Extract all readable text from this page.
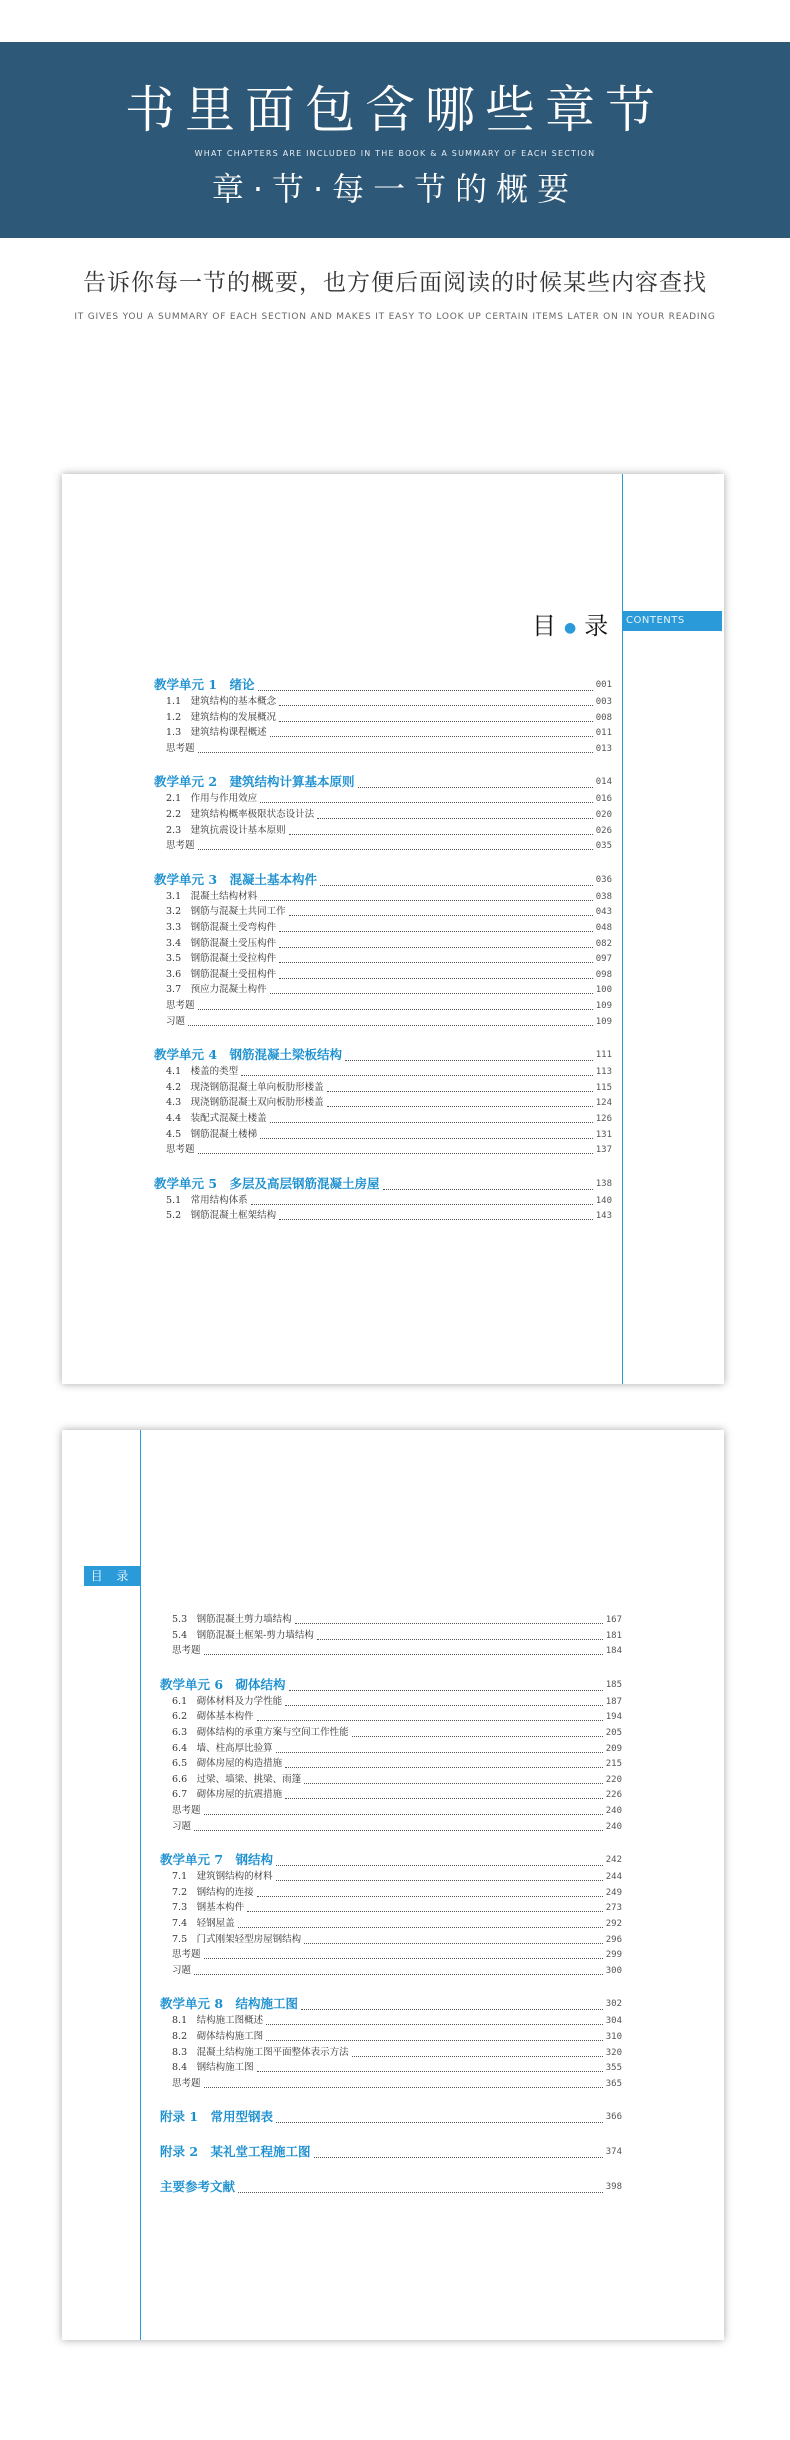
书里面包含哪些章节
WHAT CHAPTERS ARE INCLUDED IN THE BOOK & A SUMMARY OF EACH SECTION
章·节·每一节的概要
告诉你每一节的概要，也方便后面阅读的时候某些内容查找
IT GIVES YOU A SUMMARY OF EACH SECTION AND MAKES IT EASY TO LOOK UP CERTAIN ITEMS LATER ON IN YOUR READING
目 ●录	CONTENTS
教学单元 1　绪论	001
1.1　建筑结构的基本概念	003
1.2　建筑结构的发展概况	008
1.3　建筑结构课程概述	011
思考题	013
教学单元 2　建筑结构计算基本原则	014
2.1　作用与作用效应	016
2.2　建筑结构概率极限状态设计法	020
2.3　建筑抗震设计基本原则	026
思考题	035
教学单元 3　混凝土基本构件	036
3.1　混凝土结构材料	038
3.2　钢筋与混凝土共同工作	043
3.3　钢筋混凝土受弯构件	048
3.4　钢筋混凝土受压构件	082
3.5　钢筋混凝土受拉构件	097
3.6　钢筋混凝土受扭构件	098
3.7　预应力混凝土构件	100
思考题	109
习题	109
教学单元 4　钢筋混凝土梁板结构	111
4.1　楼盖的类型	113
4.2　现浇钢筋混凝土单向板肋形楼盖	115
4.3　现浇钢筋混凝土双向板肋形楼盖	124
4.4　装配式混凝土楼盖	126
4.5　钢筋混凝土楼梯	131
思考题	137
教学单元 5　多层及高层钢筋混凝土房屋	138
5.1　常用结构体系	140
5.2　钢筋混凝土框架结构	143
目 录
5.3　钢筋混凝土剪力墙结构	167
5.4　钢筋混凝土框架-剪力墙结构	181
思考题	184
教学单元 6　砌体结构	185
6.1　砌体材料及力学性能	187
6.2　砌体基本构件	194
6.3　砌体结构的承重方案与空间工作性能	205
6.4　墙、柱高厚比验算	209
6.5　砌体房屋的构造措施	215
6.6　过梁、墙梁、挑梁、雨篷	220
6.7　砌体房屋的抗震措施	226
思考题	240
习题	240
教学单元 7　钢结构	242
7.1　建筑钢结构的材料	244
7.2　钢结构的连接	249
7.3　钢基本构件	273
7.4　轻钢屋盖	292
7.5　门式刚架轻型房屋钢结构	296
思考题	299
习题	300
教学单元 8　结构施工图	302
8.1　结构施工图概述	304
8.2　砌体结构施工图	310
8.3　混凝土结构施工图平面整体表示方法	320
8.4　钢结构施工图	355
思考题	365
附录 1　常用型钢表	366
附录 2　某礼堂工程施工图	374
主要参考文献	398
